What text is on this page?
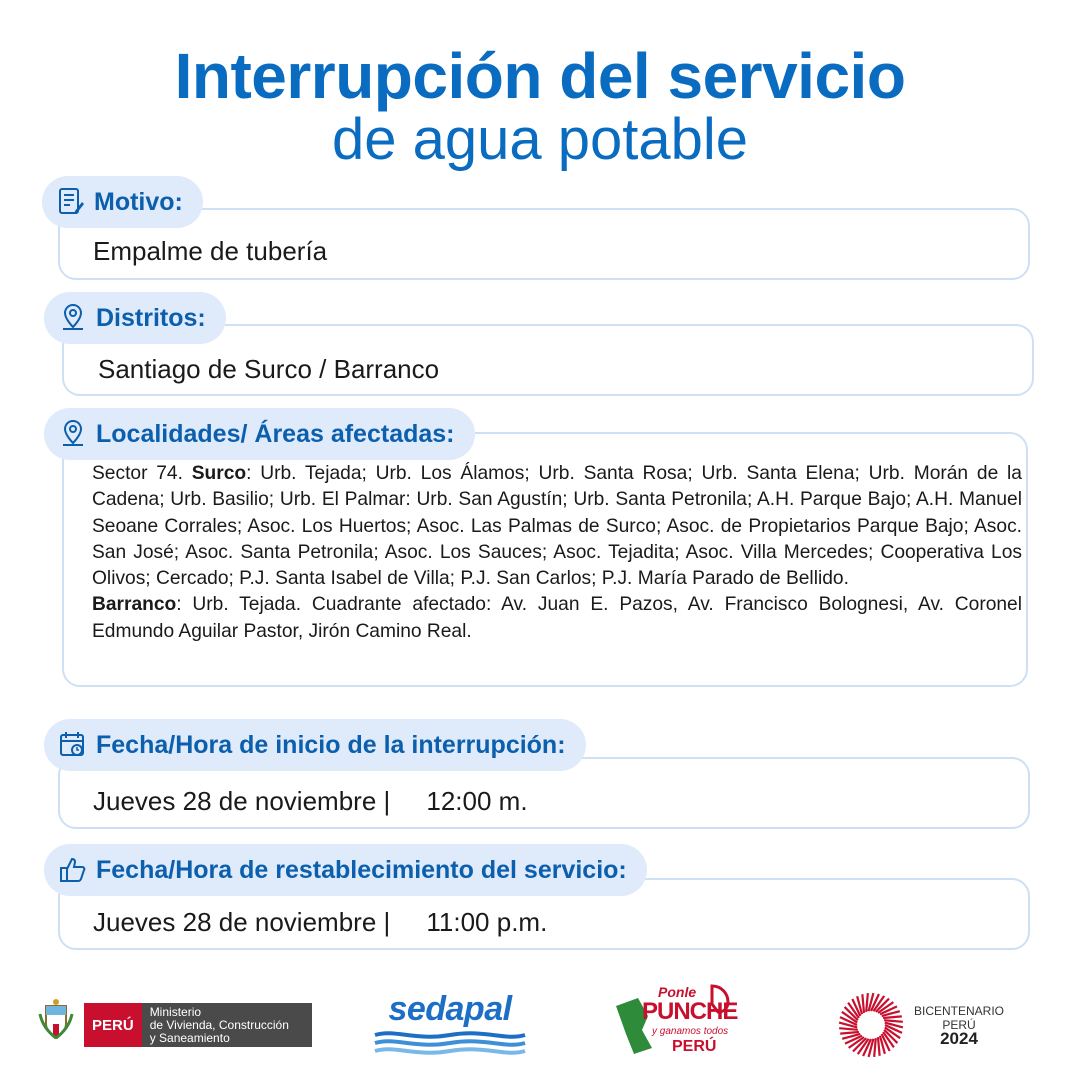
Interrupción del servicio
de agua potable
Motivo:
Empalme de tubería
Distritos:
Santiago de Surco / Barranco
Localidades/ Áreas afectadas:
Sector 74. Surco: Urb. Tejada; Urb. Los Álamos; Urb. Santa Rosa; Urb. Santa Elena; Urb. Morán de la Cadena; Urb. Basilio; Urb. El Palmar: Urb. San Agustín; Urb. Santa Petronila; A.H. Parque Bajo; A.H. Manuel Seoane Corrales; Asoc. Los Huertos; Asoc. Las Palmas de Surco; Asoc. de Propietarios Parque Bajo; Asoc. San José; Asoc. Santa Petronila; Asoc. Los Sauces; Asoc. Tejadita; Asoc. Villa Mercedes; Cooperativa Los Olivos; Cercado; P.J. Santa Isabel de Villa; P.J. San Carlos; P.J. María Parado de Bellido.
Barranco: Urb. Tejada. Cuadrante afectado: Av. Juan E. Pazos, Av. Francisco Bolognesi, Av. Coronel Edmundo Aguilar Pastor, Jirón Camino Real.
Fecha/Hora de inicio de la interrupción:
Jueves 28 de noviembre |     12:00 m.
Fecha/Hora de restablecimiento del servicio:
Jueves 28 de noviembre |     11:00 p.m.
PERÚ
Ministerio
de Vivienda, Construcción
y Saneamiento
sedapal	Ponle
PUNCHE
y ganamos todos
PERÚ
BICENTENARIO
PERÚ
2024
